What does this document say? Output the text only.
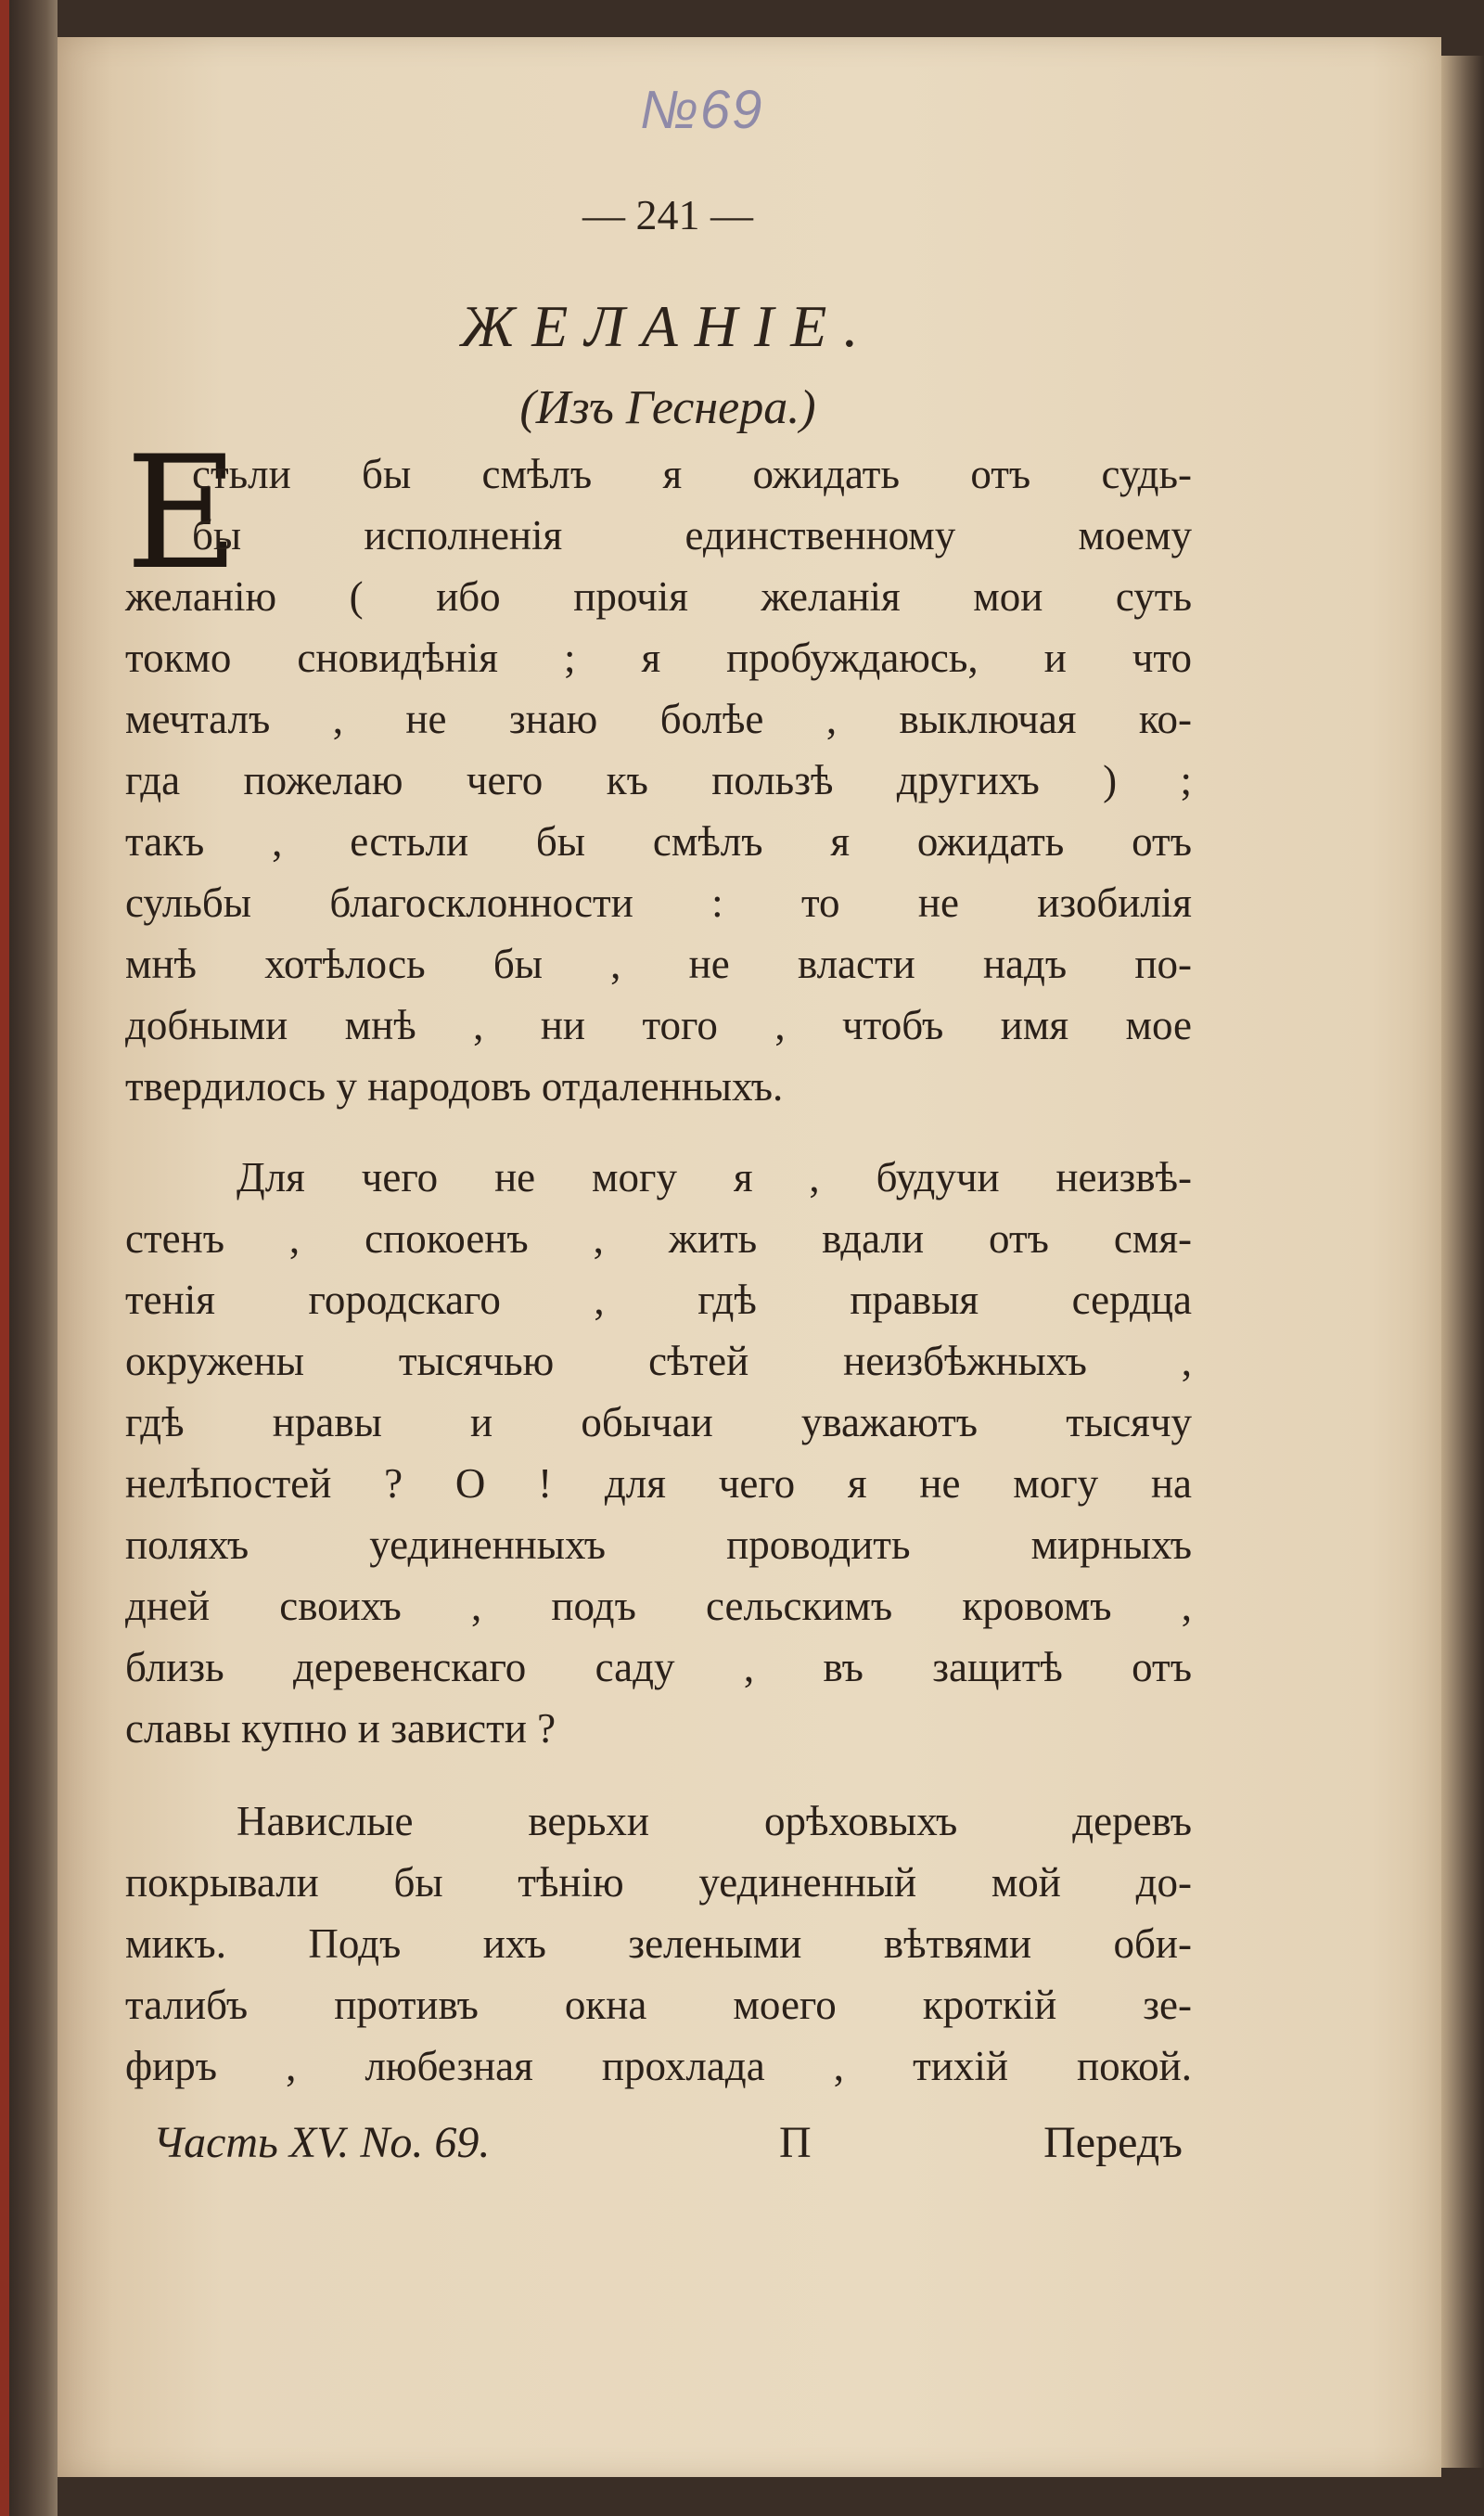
№69
— 241 —
ЖЕЛАНІЕ.
(Изъ Геснера.)
Е
стьли бы смѣлъ я ожидать отъ судь-
бы исполненія единственному моему
желанію ( ибо прочія желанія мои суть
токмо сновидѣнія ; я пробуждаюсь, и что
мечталъ , не знаю болѣе , выключая ко-
гда пожелаю чего къ пользѣ другихъ ) ;
такъ , естьли бы смѣлъ я ожидать отъ
сульбы благосклонности : то не изобилія
мнѣ хотѣлось бы , не власти надъ по-
добными мнѣ , ни того , чтобъ имя мое
твердилось у народовъ отдаленныхъ.
Для чего не могу я , будучи неизвѣ-
стенъ , спокоенъ , жить вдали отъ смя-
тенія городскаго , гдѣ правыя сердца
окружены тысячью сѣтей неизбѣжныхъ ,
гдѣ нравы и обычаи уважаютъ тысячу
нелѣпостей ? О ! для чего я не могу на
поляхъ уединенныхъ проводить мирныхъ
дней своихъ , подъ сельскимъ кровомъ ,
близь деревенскаго саду , въ защитѣ отъ
славы купно и зависти ?
Навислые верьхи орѣховыхъ деревъ
покрывали бы тѣнію уединенный мой до-
микъ. Подъ ихъ зелеными вѣтвями оби-
талибъ противъ окна моего кроткій зе-
фиръ , любезная прохлада , тихій покой.
Часть XV. No. 69.	П	Передъ
